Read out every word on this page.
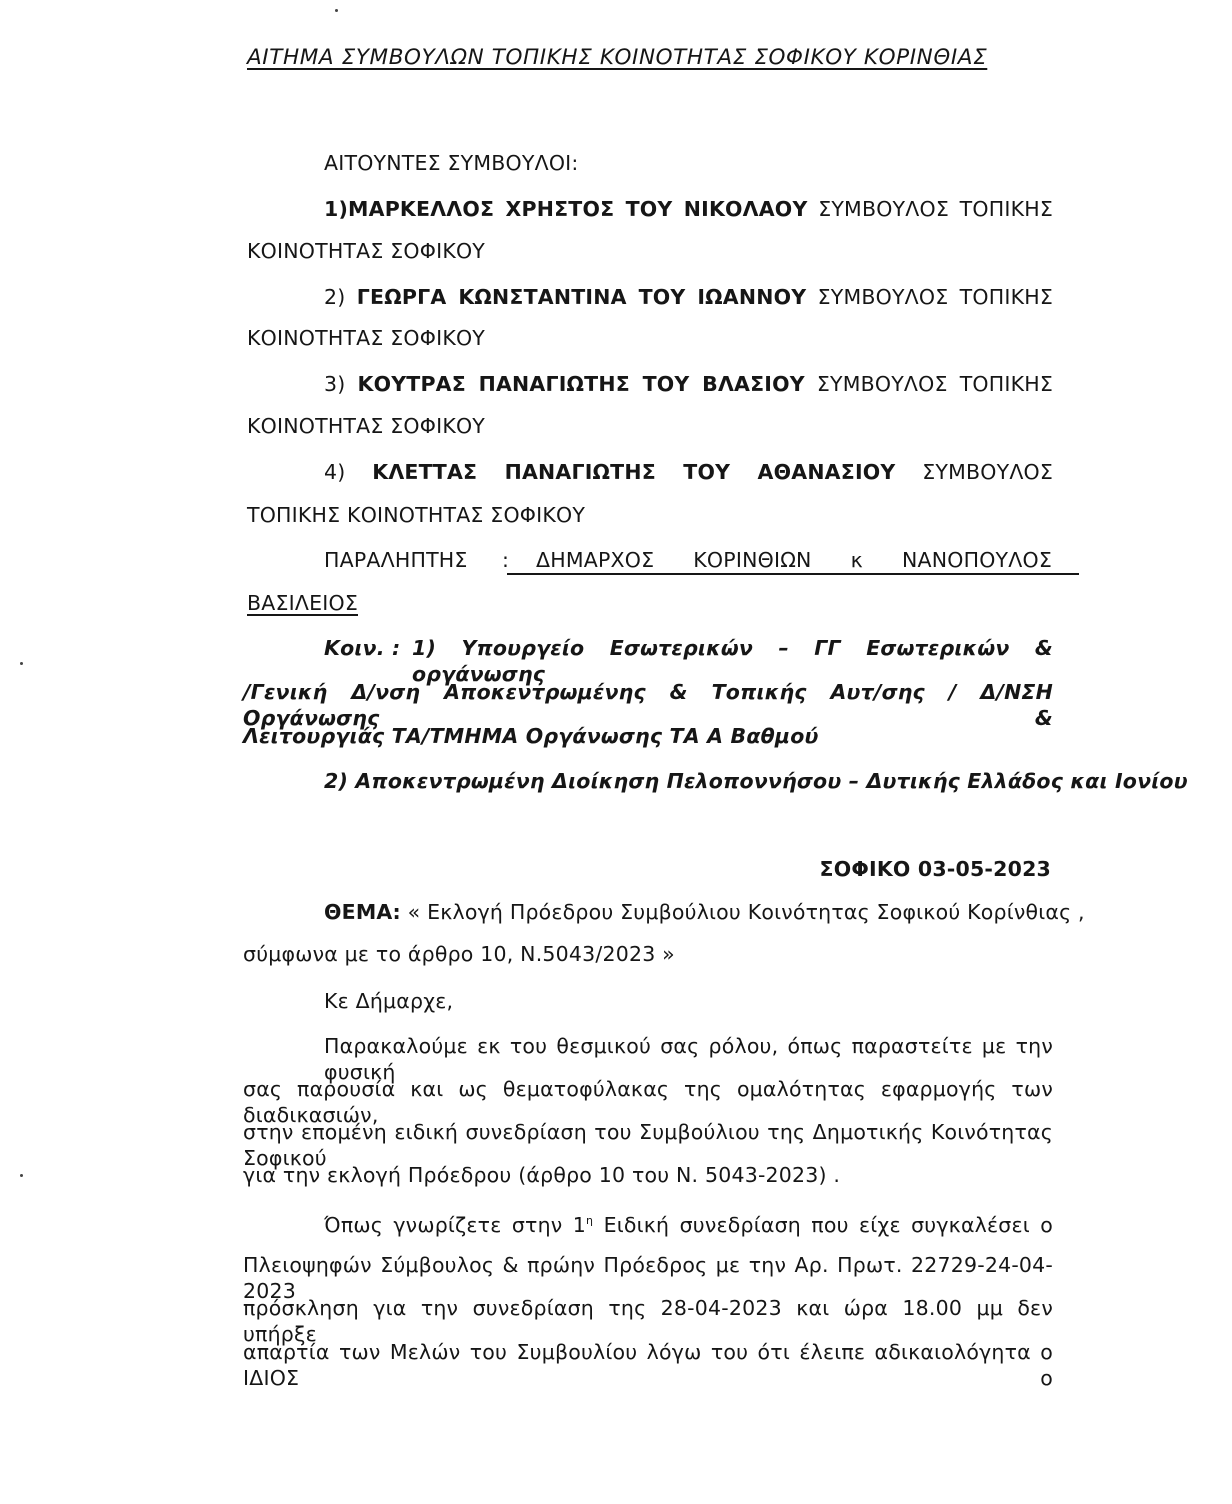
ΑΙΤΗΜΑ ΣΥΜΒΟΥΛΩΝ ΤΟΠΙΚΗΣ ΚΟΙΝΟΤΗΤΑΣ ΣΟΦΙΚΟΥ ΚΟΡΙΝΘΙΑΣ
ΑΙΤΟΥΝΤΕΣ ΣΥΜΒΟΥΛΟΙ:
1)ΜΑΡΚΕΛΛΟΣ ΧΡΗΣΤΟΣ ΤΟΥ ΝΙΚΟΛΑΟΥ ΣΥΜΒΟΥΛΟΣ ΤΟΠΙΚΗΣ
ΚΟΙΝΟΤΗΤΑΣ ΣΟΦΙΚΟΥ
2) ΓΕΩΡΓΑ ΚΩΝΣΤΑΝΤΙΝΑ ΤΟΥ ΙΩΑΝΝΟΥ ΣΥΜΒΟΥΛΟΣ ΤΟΠΙΚΗΣ
ΚΟΙΝΟΤΗΤΑΣ ΣΟΦΙΚΟΥ
3) ΚΟΥΤΡΑΣ ΠΑΝΑΓΙΩΤΗΣ ΤΟΥ ΒΛΑΣΙΟΥ ΣΥΜΒΟΥΛΟΣ ΤΟΠΙΚΗΣ
ΚΟΙΝΟΤΗΤΑΣ ΣΟΦΙΚΟΥ
4) ΚΛΕΤΤΑΣ ΠΑΝΑΓΙΩΤΗΣ ΤΟΥ ΑΘΑΝΑΣΙΟΥ ΣΥΜΒΟΥΛΟΣ
ΤΟΠΙΚΗΣ ΚΟΙΝΟΤΗΤΑΣ ΣΟΦΙΚΟΥ
ΠΑΡΑΛΗΠΤΗΣ : ΔΗΜΑΡΧΟΣ ΚΟΡΙΝΘΙΩΝ κ ΝΑΝΟΠΟΥΛΟΣ
ΒΑΣΙΛΕΙΟΣ
Κοιν. : 1) Υπουργείο Εσωτερικών – ΓΓ Εσωτερικών & οργάνωσης
/Γενική Δ/νση Αποκεντρωμένης & Τοπικής Αυτ/σης / Δ/ΝΣΗ Οργάνωσης &
Λειτουργιάς ΤΑ/ΤΜΗΜΑ Οργάνωσης ΤΑ Α Βαθμού
2) Αποκεντρωμένη Διοίκηση Πελοποννήσου – Δυτικής Ελλάδος και Ιονίου
ΣΟΦΙΚΟ 03-05-2023
ΘΕΜΑ: « Εκλογή Πρόεδρου Συμβούλιου Κοινότητας Σοφικού Κορίνθιας ,
σύμφωνα με το άρθρο 10, Ν.5043/2023 »
Κε Δήμαρχε,
Παρακαλούμε εκ του θεσμικού σας ρόλου, όπως παραστείτε με την φυσική
σας παρουσία και ως θεματοφύλακας της ομαλότητας εφαρμογής των διαδικασιών,
στην επομένη ειδική συνεδρίαση του Συμβούλιου της Δημοτικής Κοινότητας Σοφικού
για την εκλογή Πρόεδρου (άρθρο 10 του Ν. 5043-2023) .
Όπως γνωρίζετε στην $1^\eta$ Ειδική συνεδρίαση που είχε συγκαλέσει ο
Πλειοψηφών Σύμβουλος & πρώην Πρόεδρος με την Αρ. Πρωτ. 22729-24-04-2023
πρόσκληση για την συνεδρίαση της 28-04-2023 και ώρα 18.00 μμ δεν υπήρξε
απαρτία των Μελών του Συμβουλίου λόγω του ότι έλειπε αδικαιολόγητα ο ΙΔΙΟΣ ο
